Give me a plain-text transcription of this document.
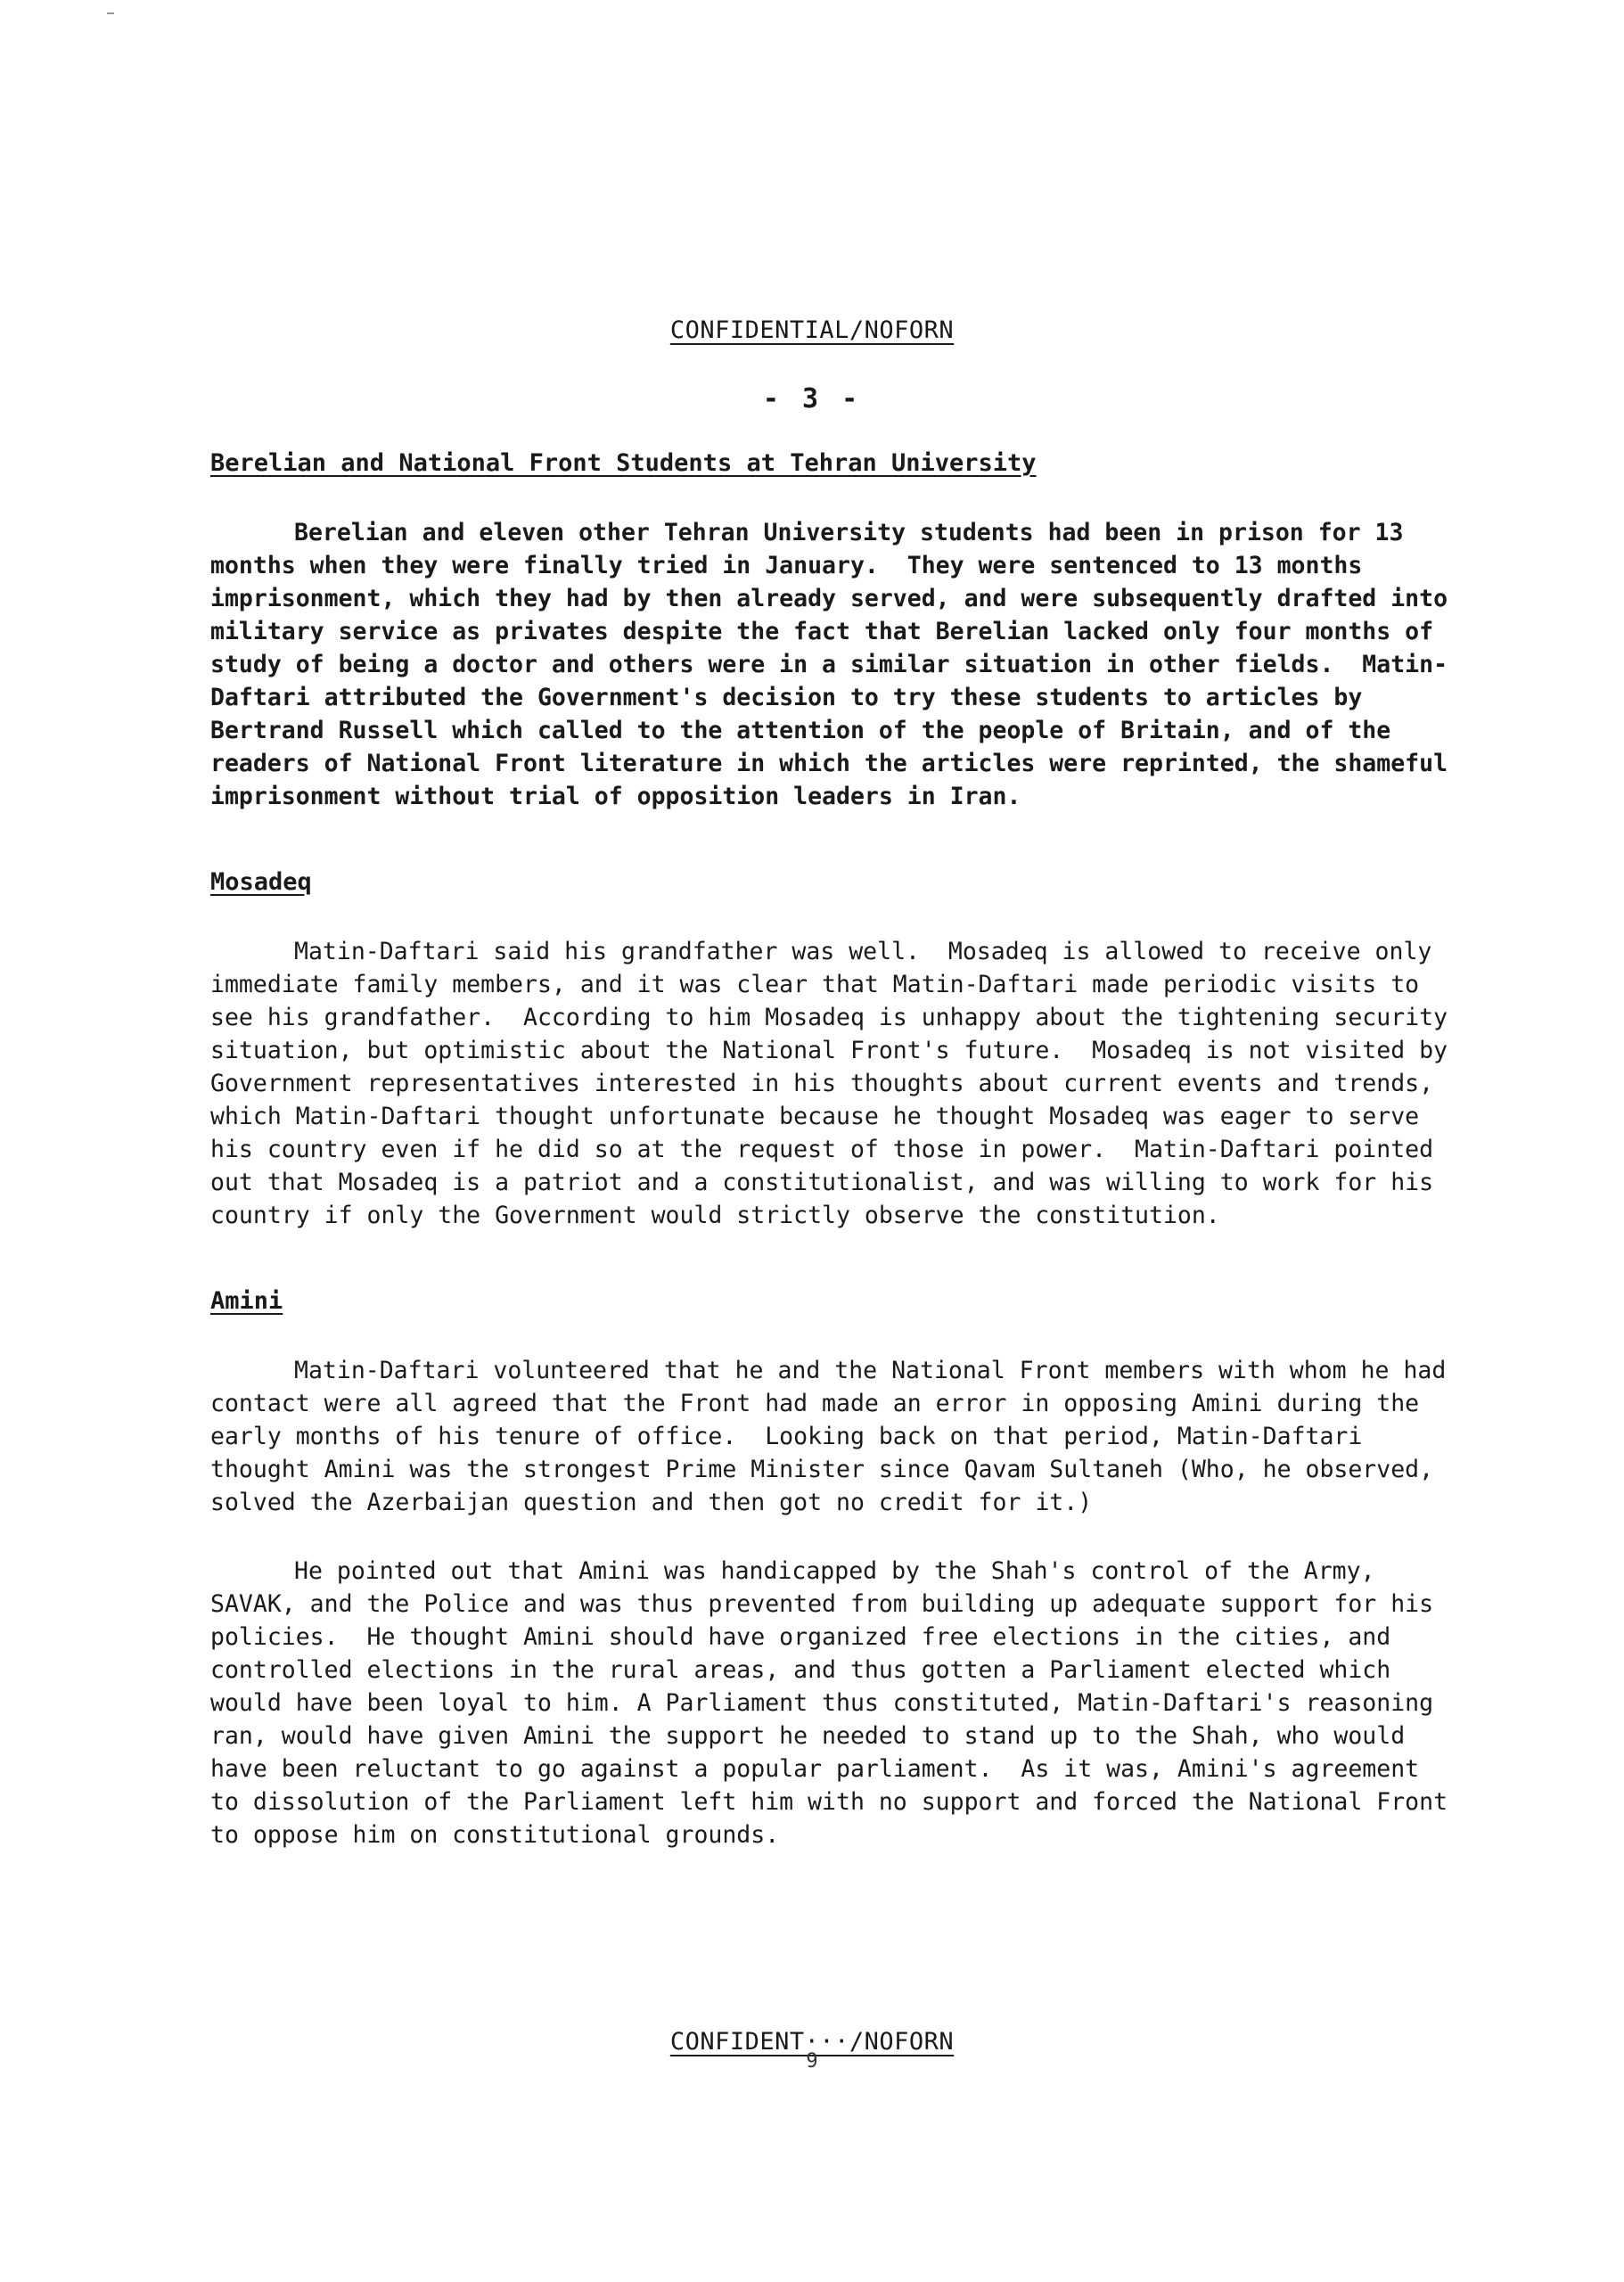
CONFIDENTIAL/NOFORN
- 3 -
Berelian and National Front Students at Tehran University

Berelian and eleven other Tehran University students had been in prison for 13 months when they were finally tried in January.  They were sentenced to 13 months imprisonment, which they had by then already served, and were subsequently drafted into military service as privates despite the fact that Berelian lacked only four months of study of being a doctor and others were in a similar situation in other fields.  Matin-Daftari attributed the Government's decision to try these students to articles by Bertrand Russell which called to the attention of the people of Britain, and of the readers of National Front literature in which the articles were reprinted, the shameful imprisonment without trial of opposition leaders in Iran.

Mosadeq

Matin-Daftari said his grandfather was well.  Mosadeq is allowed to receive only immediate family members, and it was clear that Matin-Daftari made periodic visits to see his grandfather.  According to him Mosadeq is unhappy about the tightening security situation, but optimistic about the National Front's future.  Mosadeq is not visited by Government representatives interested in his thoughts about current events and trends, which Matin-Daftari thought unfortunate because he thought Mosadeq was eager to serve his country even if he did so at the request of those in power.  Matin-Daftari pointed out that Mosadeq is a patriot and a constitutionalist, and was willing to work for his country if only the Government would strictly observe the constitution.

Amini

Matin-Daftari volunteered that he and the National Front members with whom he had contact were all agreed that the Front had made an error in opposing Amini during the early months of his tenure of office.  Looking back on that period, Matin-Daftari thought Amini was the strongest Prime Minister since Qavam Sultaneh (Who, he observed, solved the Azerbaijan question and then got no credit for it.)

He pointed out that Amini was handicapped by the Shah's control of the Army, SAVAK, and the Police and was thus prevented from building up adequate support for his policies.  He thought Amini should have organized free elections in the cities, and controlled elections in the rural areas, and thus gotten a Parliament elected which would have been loyal to him. A Parliament thus constituted, Matin-Daftari's reasoning ran, would have given Amini the support he needed to stand up to the Shah, who would have been reluctant to go against a popular parliament.  As it was, Amini's agreement to dissolution of the Parliament left him with no support and forced the National Front to oppose him on constitutional grounds.

CONFIDENT···/NOFORN
9
